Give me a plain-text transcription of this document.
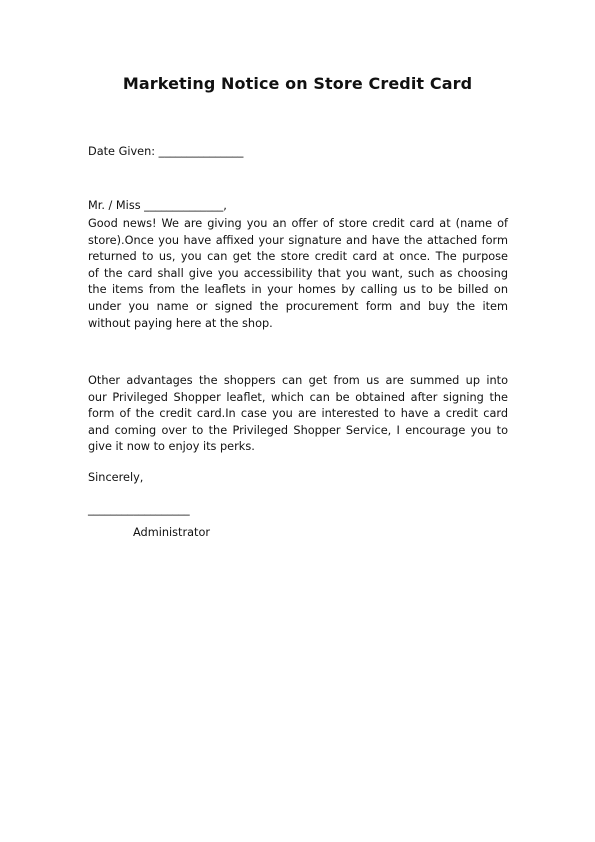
Marketing Notice on Store Credit Card
Date Given: _______________
Mr. / Miss ______________,
Good news! We are giving you an offer of store credit card at (name of
store).Once you have affixed your signature and have the attached form
returned to us, you can get the store credit card at once. The purpose
of the card shall give you accessibility that you want, such as choosing
the items from the leaflets in your homes by calling us to be billed on
under you name or signed the procurement form and buy the item
without paying here at the shop.
Other advantages the shoppers can get from us are summed up into
our Privileged Shopper leaflet, which can be obtained after signing the
form of the credit card.In case you are interested to have a credit card
and coming over to the Privileged Shopper Service, I encourage you to
give it now to enjoy its perks.
Sincerely,
__________________
Administrator
